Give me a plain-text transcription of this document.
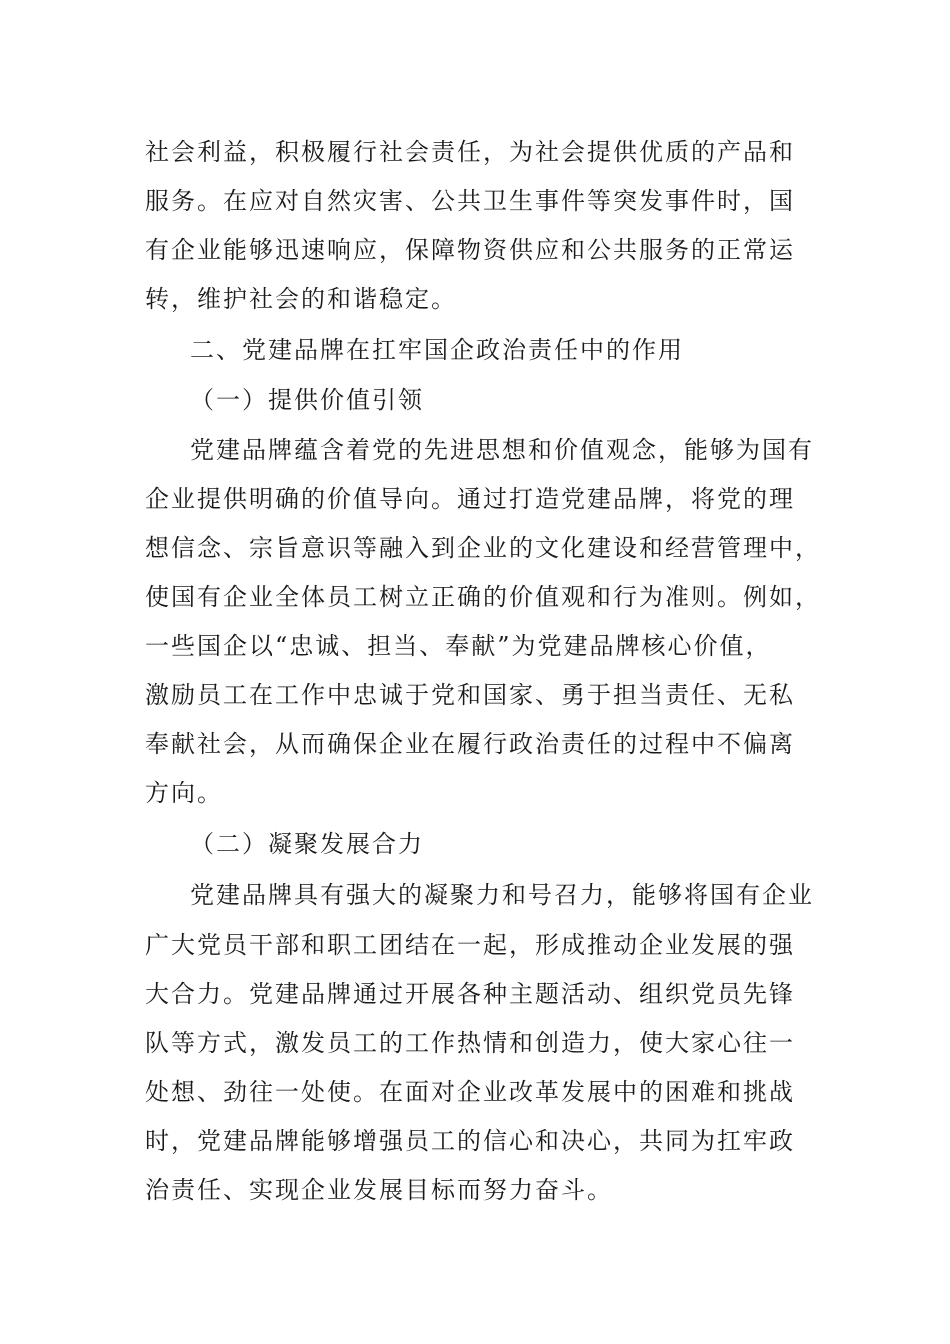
社会利益，积极履行社会责任，为社会提供优质的产品和
服务。在应对自然灾害、公共卫生事件等突发事件时，国
有企业能够迅速响应，保障物资供应和公共服务的正常运
转，维护社会的和谐稳定。
二、党建品牌在扛牢国企政治责任中的作用
（一）提供价值引领
党建品牌蕴含着党的先进思想和价值观念，能够为国有
企业提供明确的价值导向。通过打造党建品牌，将党的理
想信念、宗旨意识等融入到企业的文化建设和经营管理中，
使国有企业全体员工树立正确的价值观和行为准则。例如，
一些国企以“忠诚、担当、奉献”为党建品牌核心价值，
激励员工在工作中忠诚于党和国家、勇于担当责任、无私
奉献社会，从而确保企业在履行政治责任的过程中不偏离
方向。
（二）凝聚发展合力
党建品牌具有强大的凝聚力和号召力，能够将国有企业
广大党员干部和职工团结在一起，形成推动企业发展的强
大合力。党建品牌通过开展各种主题活动、组织党员先锋
队等方式，激发员工的工作热情和创造力，使大家心往一
处想、劲往一处使。在面对企业改革发展中的困难和挑战
时，党建品牌能够增强员工的信心和决心，共同为扛牢政
治责任、实现企业发展目标而努力奋斗。
